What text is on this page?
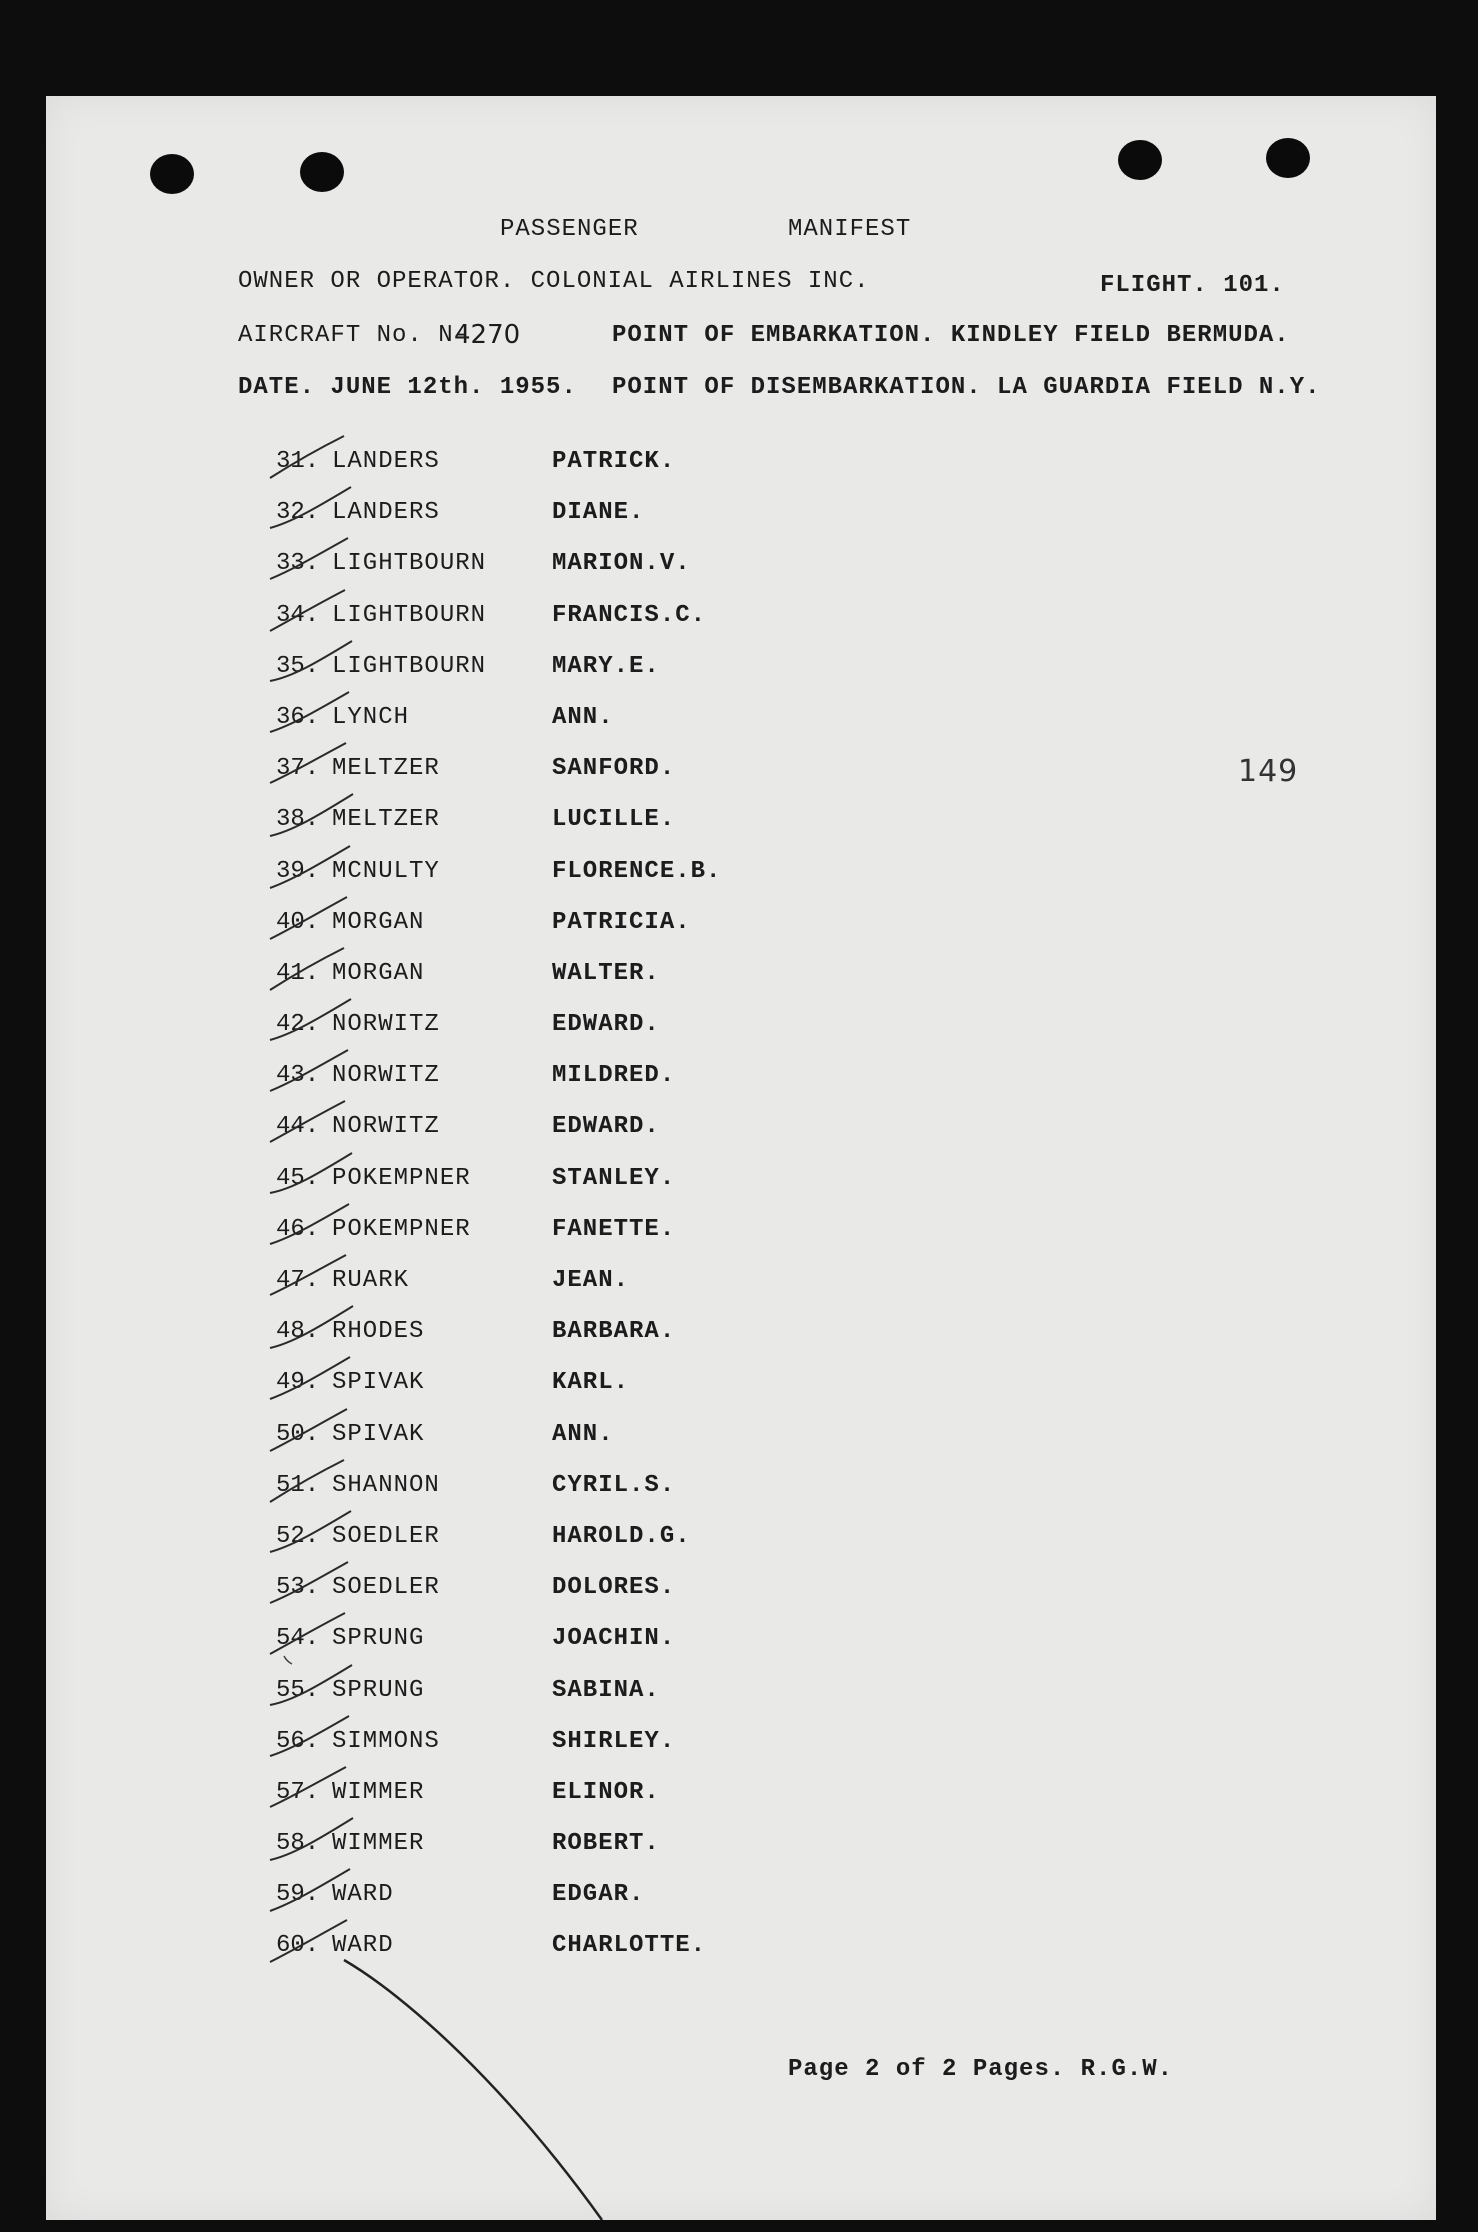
PASSENGER	MANIFEST
OWNER OR OPERATOR. COLONIAL AIRLINES INC.	FLIGHT. 101.
AIRCRAFT No. N-
4270	POINT OF EMBARKATION. KINDLEY FIELD BERMUDA.
DATE. JUNE 12th. 1955. POINT OF DISEMBARKATION. LA GUARDIA FIELD N.Y.
149
31. LANDERS	PATRICK.
32. LANDERS	DIANE.
33. LIGHTBOURN	MARION.V.
34. LIGHTBOURN	FRANCIS.C.
35. LIGHTBOURN	MARY.E.
36. LYNCH	ANN.
37. MELTZER	SANFORD.
38. MELTZER	LUCILLE.
39. MCNULTY	FLORENCE.B.
40. MORGAN	PATRICIA.
41. MORGAN	WALTER.
42. NORWITZ	EDWARD.
43. NORWITZ	MILDRED.
44. NORWITZ	EDWARD.
45. POKEMPNER	STANLEY.
46. POKEMPNER	FANETTE.
47. RUARK	JEAN.
48. RHODES	BARBARA.
49. SPIVAK	KARL.
50. SPIVAK	ANN.
51. SHANNON	CYRIL.S.
52. SOEDLER	HAROLD.G.
53. SOEDLER	DOLORES.
54. SPRUNG	JOACHIN.
55. SPRUNG	SABINA.
56. SIMMONS	SHIRLEY.
57. WIMMER	ELINOR.
58. WIMMER	ROBERT.
59. WARD	EDGAR.
60. WARD	CHARLOTTE.
Page 2 of 2 Pages. R.G.W.
